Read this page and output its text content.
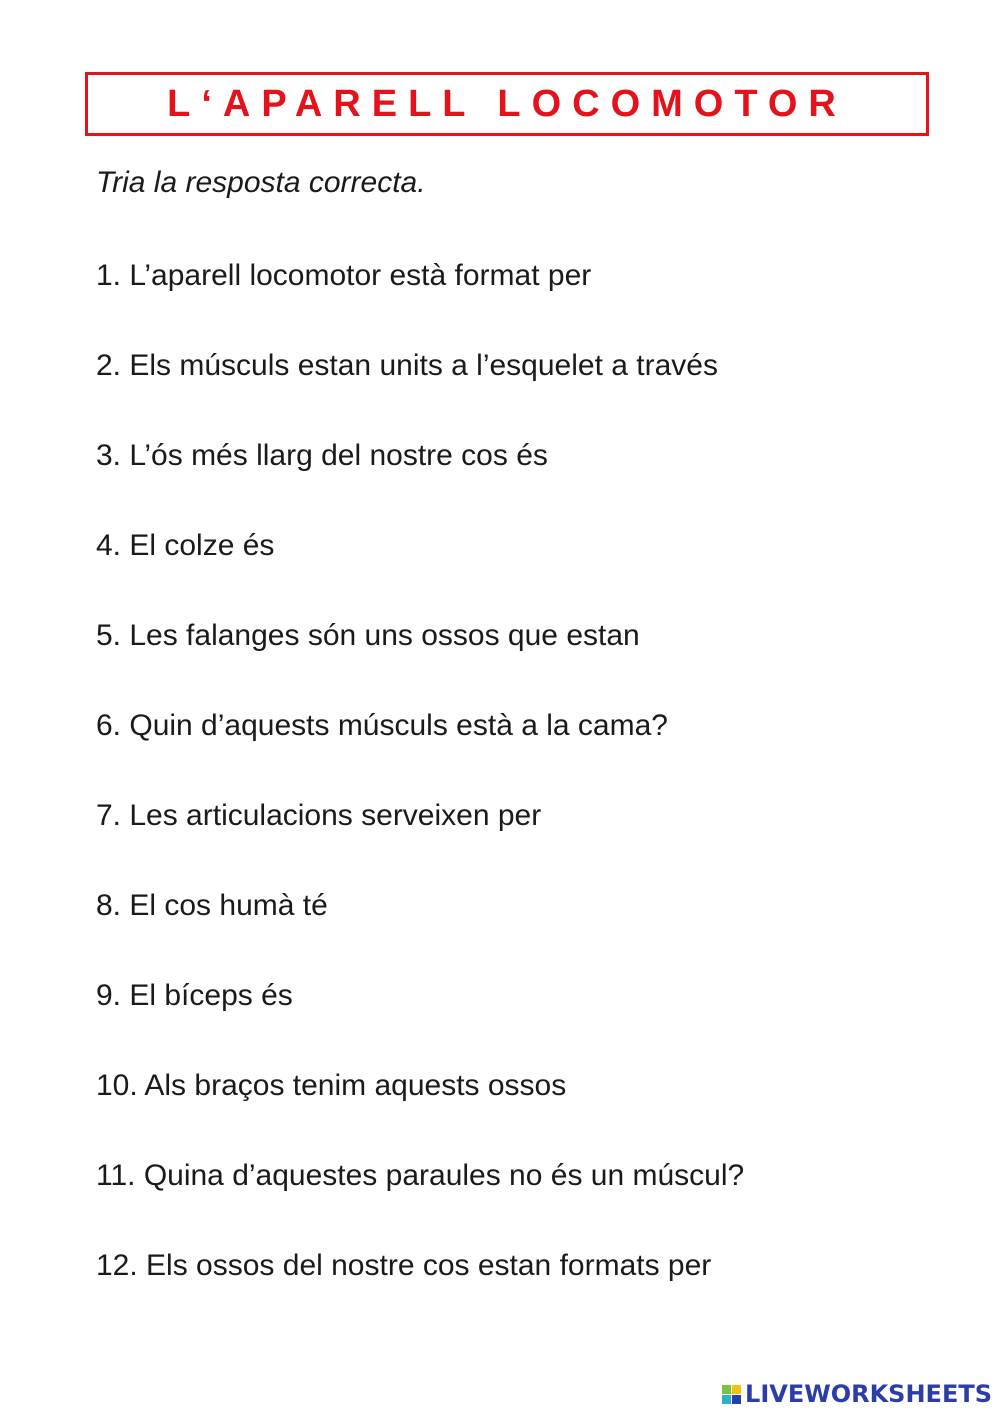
L‘APARELL LOCOMOTOR
Tria la resposta correcta.
1. L’aparell locomotor està format per
2. Els músculs estan units a l’esquelet a través
3. L’ós més llarg del nostre cos és
4. El colze és
5. Les falanges són uns ossos que estan
6. Quin d’aquests músculs està a la cama?
7. Les articulacions serveixen per
8. El cos humà té
9. El bíceps és
10. Als braços tenim aquests ossos
11. Quina d’aquestes paraules no és un múscul?
12. Els ossos del nostre cos estan formats per
LIVEWORKSHEETS
